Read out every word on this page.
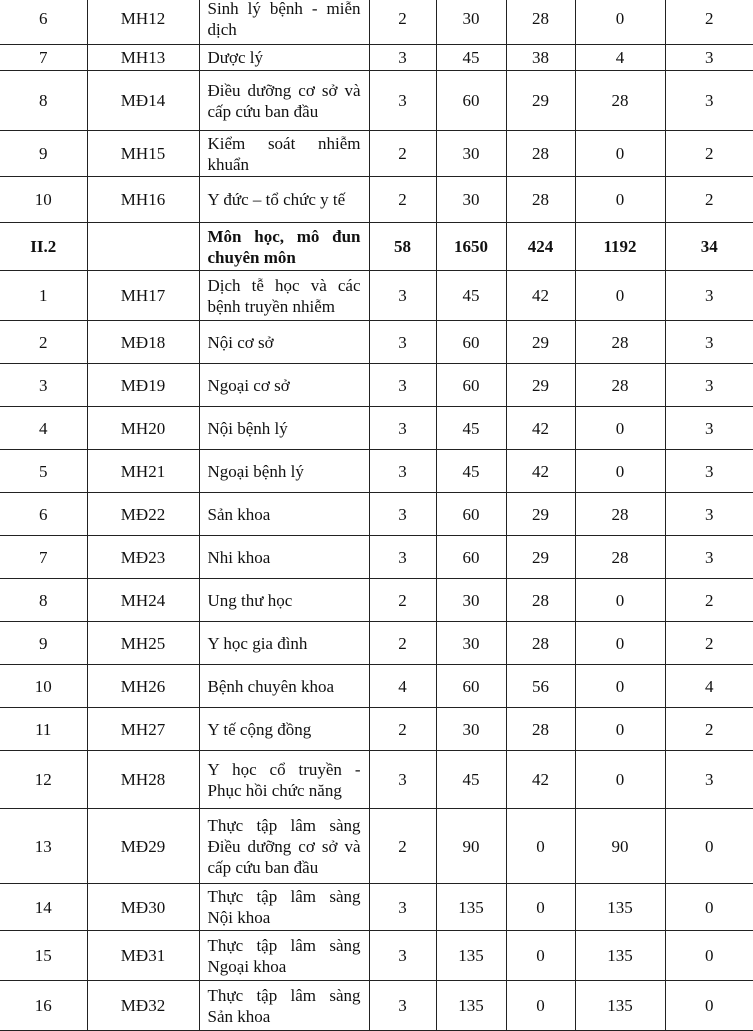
6	MH12	Sinh lý bệnh - miễn dịch	2	30	28	0	2
7	MH13	Dược lý	3	45	38	4	3
8	MĐ14	Điều dưỡng cơ sở và cấp cứu ban đầu	3	60	29	28	3
9	MH15	Kiểm soát nhiễm khuẩn	2	30	28	0	2
10	MH16	Y đức – tổ chức y tế	2	30	28	0	2
II.2		Môn học, mô đun chuyên môn	58	1650	424	1192	34
1	MH17	Dịch tễ học và các bệnh truyền nhiễm	3	45	42	0	3
2	MĐ18	Nội cơ sở	3	60	29	28	3
3	MĐ19	Ngoại cơ sở	3	60	29	28	3
4	MH20	Nội bệnh lý	3	45	42	0	3
5	MH21	Ngoại bệnh lý	3	45	42	0	3
6	MĐ22	Sản khoa	3	60	29	28	3
7	MĐ23	Nhi khoa	3	60	29	28	3
8	MH24	Ung thư học	2	30	28	0	2
9	MH25	Y học gia đình	2	30	28	0	2
10	MH26	Bệnh chuyên khoa	4	60	56	0	4
11	MH27	Y tế cộng đồng	2	30	28	0	2
12	MH28	Y học cổ truyền - Phục hồi chức năng	3	45	42	0	3
13	MĐ29	Thực tập lâm sàng Điều dưỡng cơ sở và cấp cứu ban đầu	2	90	0	90	0
14	MĐ30	Thực tập lâm sàng Nội khoa	3	135	0	135	0
15	MĐ31	Thực tập lâm sàng Ngoại khoa	3	135	0	135	0
16	MĐ32	Thực tập lâm sàng Sản khoa	3	135	0	135	0
